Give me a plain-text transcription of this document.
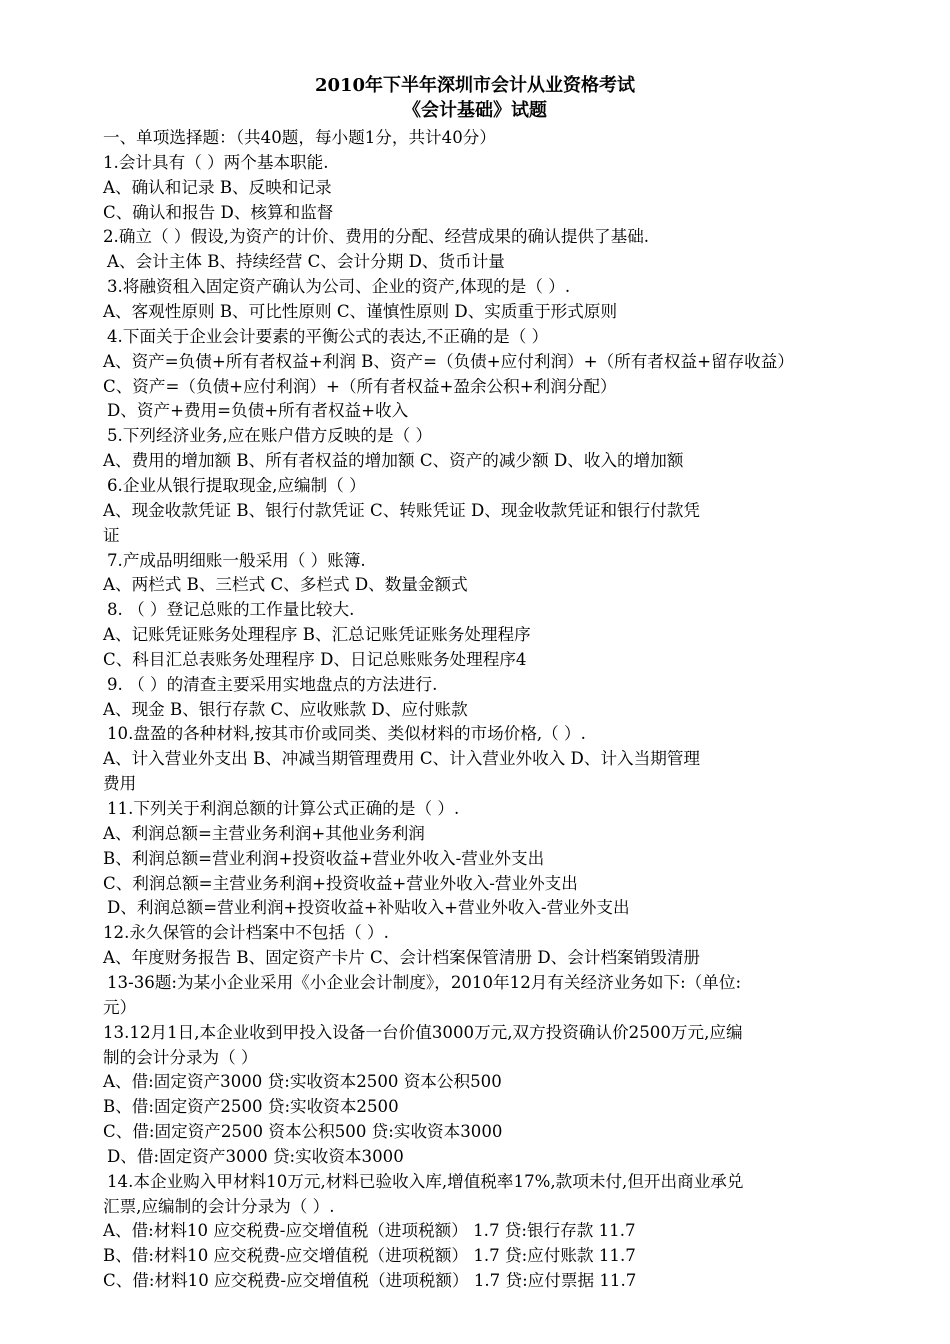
2010年下半年深圳市会计从业资格考试
《会计基础》试题
一、单项选择题：（共40题，每小题1分，共计40分）
1.会计具有（ ）两个基本职能.
A、确认和记录 B、反映和记录
C、确认和报告 D、核算和监督
2.确立（ ）假设,为资产的计价、费用的分配、经营成果的确认提供了基础.
A、会计主体 B、持续经营 C、会计分期 D、货币计量
3.将融资租入固定资产确认为公司、企业的资产,体现的是（ ）.
A、客观性原则 B、可比性原则 C、谨慎性原则 D、实质重于形式原则
4.下面关于企业会计要素的平衡公式的表达,不正确的是（ ）
A、资产=负债+所有者权益+利润 B、资产=（负债+应付利润）+（所有者权益+留存收益）
C、资产=（负债+应付利润）+（所有者权益+盈余公积+利润分配）
D、资产+费用=负债+所有者权益+收入
5.下列经济业务,应在账户借方反映的是（ ）
A、费用的增加额 B、所有者权益的增加额 C、资产的减少额 D、收入的增加额
6.企业从银行提取现金,应编制（ ）
A、现金收款凭证 B、银行付款凭证 C、转账凭证 D、现金收款凭证和银行付款凭
证
7.产成品明细账一般采用（ ）账簿.
A、两栏式 B、三栏式 C、多栏式 D、数量金额式
8. （ ）登记总账的工作量比较大.
A、记账凭证账务处理程序 B、汇总记账凭证账务处理程序
C、科目汇总表账务处理程序 D、日记总账账务处理程序4
9. （ ）的清查主要采用实地盘点的方法进行.
A、现金 B、银行存款 C、应收账款 D、应付账款
10.盘盈的各种材料,按其市价或同类、类似材料的市场价格,（ ）.
A、计入营业外支出 B、冲减当期管理费用 C、计入营业外收入 D、计入当期管理
费用
11.下列关于利润总额的计算公式正确的是（ ）.
A、利润总额=主营业务利润+其他业务利润
B、利润总额=营业利润+投资收益+营业外收入-营业外支出
C、利润总额=主营业务利润+投资收益+营业外收入-营业外支出
D、利润总额=营业利润+投资收益+补贴收入+营业外收入-营业外支出
12.永久保管的会计档案中不包括（ ）.
A、年度财务报告 B、固定资产卡片 C、会计档案保管清册 D、会计档案销毁清册
13-36题:为某小企业采用《小企业会计制度》，2010年12月有关经济业务如下:（单位:
元）
13.12月1日,本企业收到甲投入设备一台价值3000万元,双方投资确认价2500万元,应编
制的会计分录为（ ）
A、借:固定资产3000 贷:实收资本2500 资本公积500
B、借:固定资产2500 贷:实收资本2500
C、借:固定资产2500 资本公积500 贷:实收资本3000
D、借:固定资产3000 贷:实收资本3000
14.本企业购入甲材料10万元,材料已验收入库,增值税率17%,款项未付,但开出商业承兑
汇票,应编制的会计分录为（ ）.
A、借:材料10 应交税费-应交增值税（进项税额） 1.7 贷:银行存款 11.7
B、借:材料10 应交税费-应交增值税（进项税额） 1.7 贷:应付账款 11.7
C、借:材料10 应交税费-应交增值税（进项税额） 1.7 贷:应付票据 11.7
